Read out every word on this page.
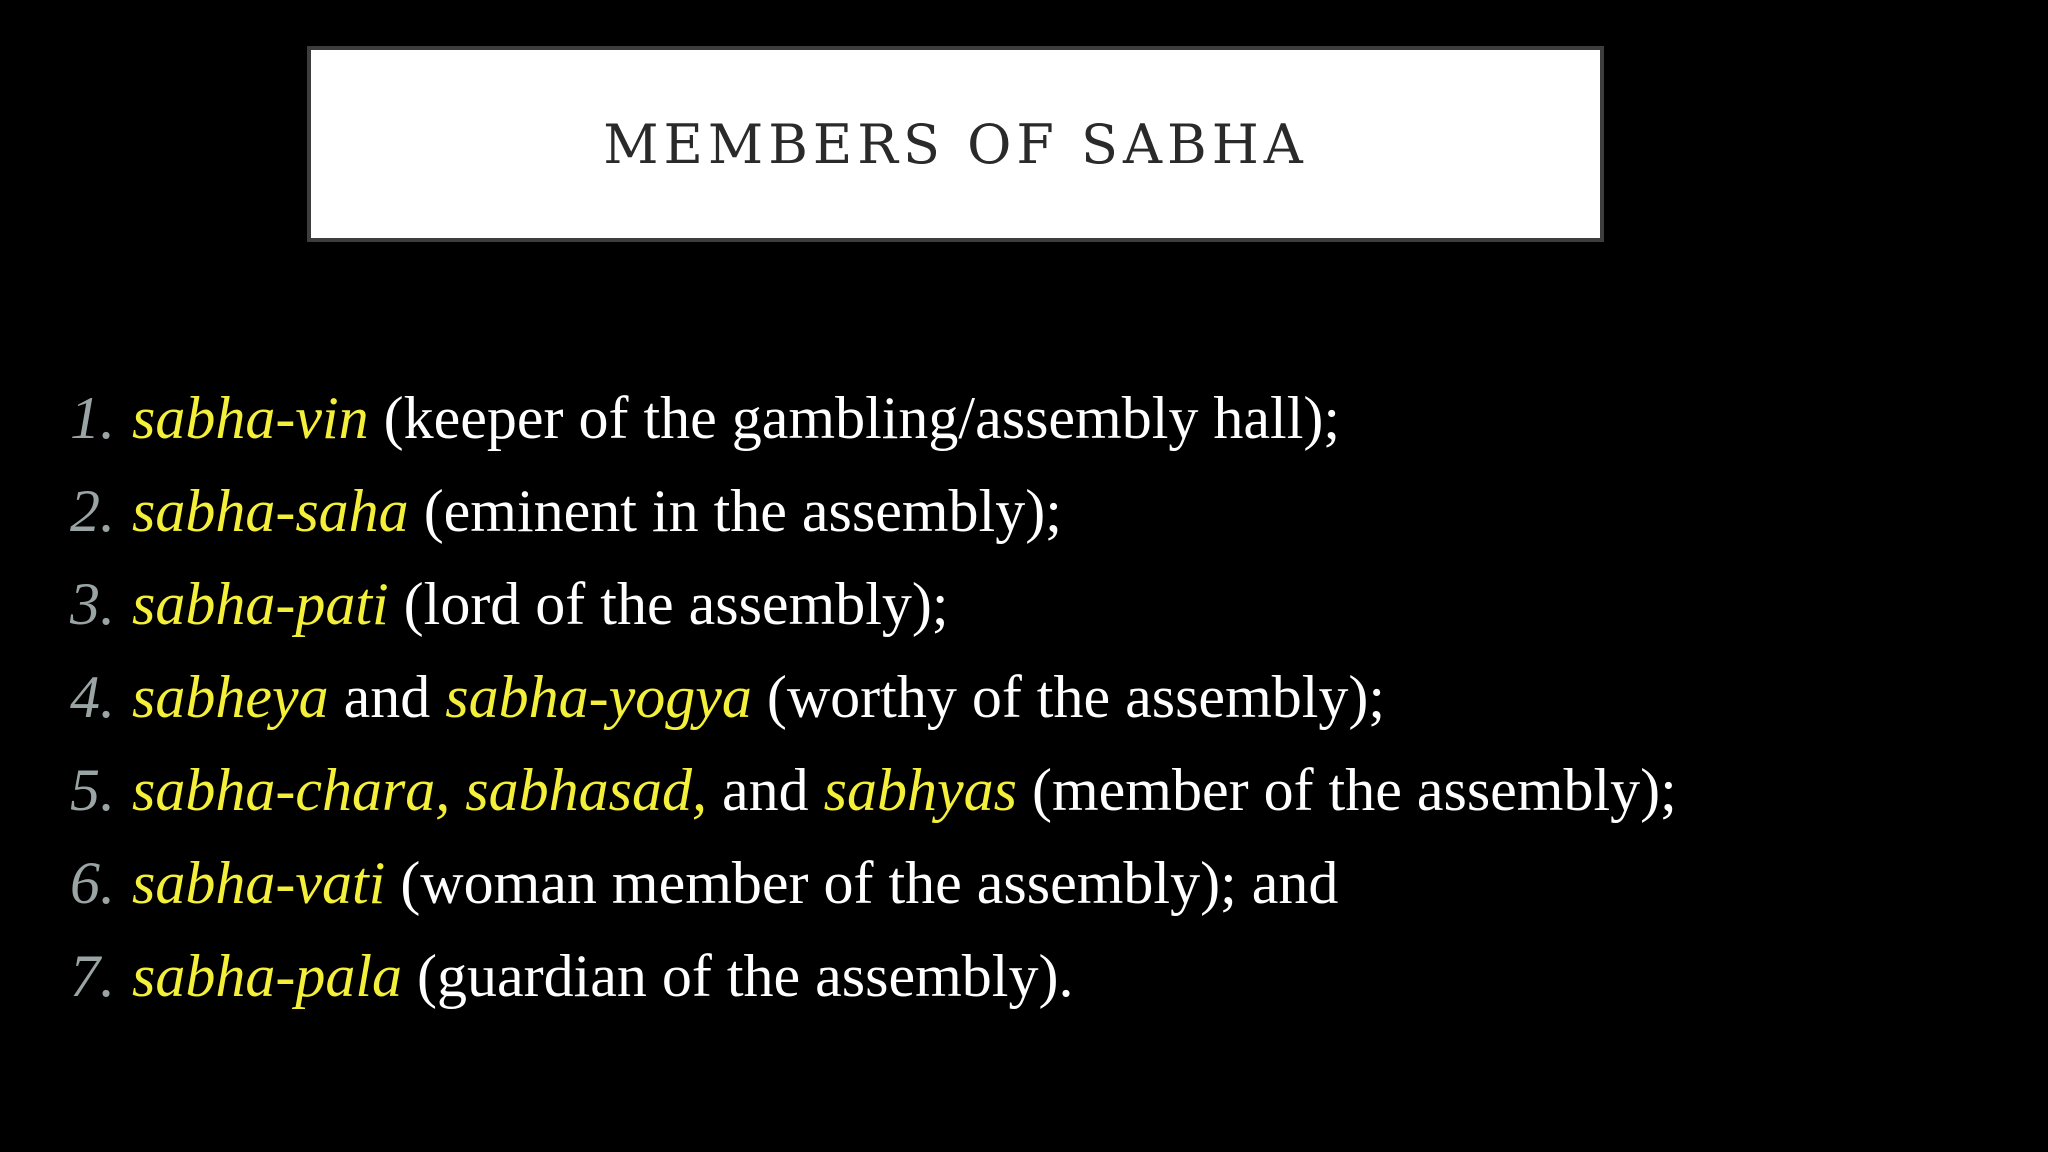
MEMBERS OF SABHA
1. sabha-vin (keeper of the gambling/assembly hall);
2. sabha-saha (eminent in the assembly);
3. sabha-pati (lord of the assembly);
4. sabheya and sabha-yogya (worthy of the assembly);
5. sabha-chara, sabhasad, and sabhyas (member of the assembly);
6. sabha-vati (woman member of the assembly); and
7. sabha-pala (guardian of the assembly).
